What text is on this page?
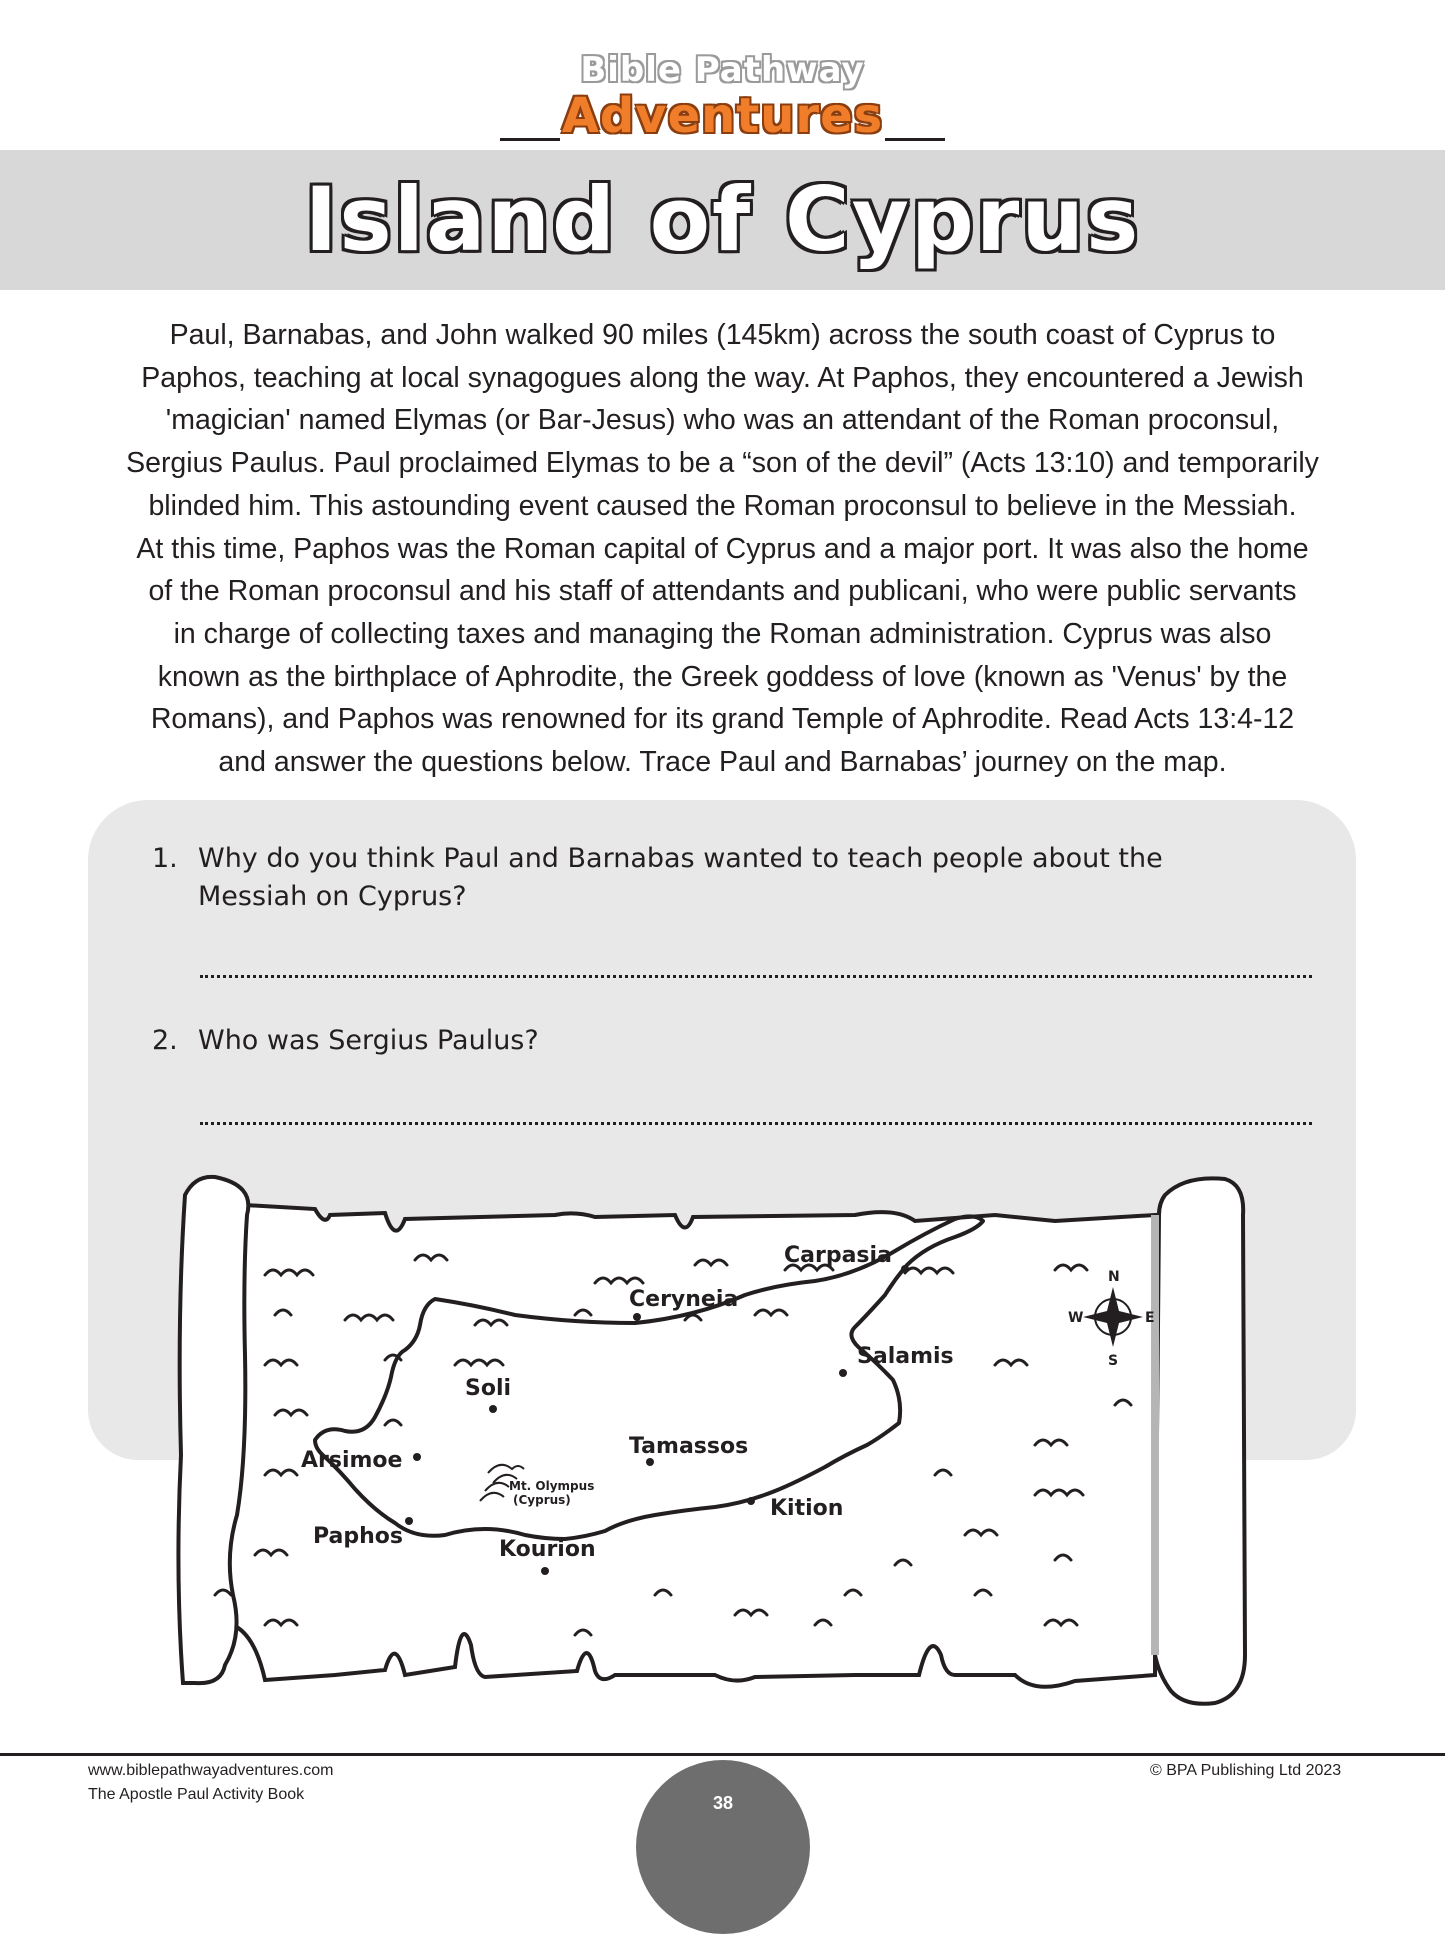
Bible Pathway
Adventures
Island of Cyprus
Paul, Barnabas, and John walked 90 miles (145km) across the south coast of Cyprus to
Paphos, teaching at local synagogues along the way. At Paphos, they encountered a Jewish
'magician' named Elymas (or Bar-Jesus) who was an attendant of the Roman proconsul,
Sergius Paulus. Paul proclaimed Elymas to be a “son of the devil” (Acts 13:10) and temporarily
blinded him. This astounding event caused the Roman proconsul to believe in the Messiah.
At this time, Paphos was the Roman capital of Cyprus and a major port. It was also the home
of the Roman proconsul and his staff of attendants and publicani, who were public servants
in charge of collecting taxes and managing the Roman administration. Cyprus was also
known as the birthplace of Aphrodite, the Greek goddess of love (known as 'Venus' by the
Romans), and Paphos was renowned for its grand Temple of Aphrodite. Read Acts 13:4-12
and answer the questions below. Trace Paul and Barnabas’ journey on the map.
1. Why do you think Paul and Barnabas wanted to teach people about the
Messiah on Cyprus?
2. Who was Sergius Paulus?
Carpasia
Ceryneia
Salamis
Soli
Tamassos
Arsimoe
Kition
Paphos
Kourion
Mt. Olympus
(Cyprus)
N
S
E
W
www.biblepathwayadventures.com
The Apostle Paul Activity Book
© BPA Publishing Ltd 2023
38
